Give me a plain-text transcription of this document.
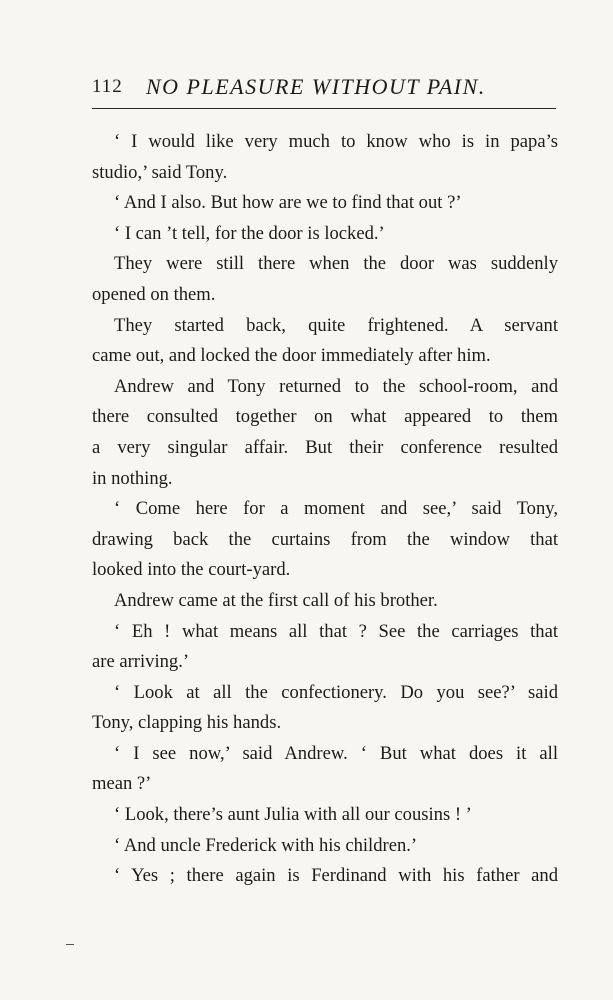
112 NO PLEASURE WITHOUT PAIN.
‘ I would like very much to know who is in papa’s
studio,’ said Tony.
‘ And I also. But how are we to find that out ?’
‘ I can ’t tell, for the door is locked.’
They were still there when the door was suddenly
opened on them.
They started back, quite frightened. A servant
came out, and locked the door immediately after him.
Andrew and Tony returned to the school-room, and
there consulted together on what appeared to them
a very singular affair. But their conference resulted
in nothing.
‘ Come here for a moment and see,’ said Tony,
drawing back the curtains from the window that
looked into the court-yard.
Andrew came at the first call of his brother.
‘ Eh ! what means all that ? See the carriages that
are arriving.’
‘ Look at all the confectionery. Do you see?’ said
Tony, clapping his hands.
‘ I see now,’ said Andrew. ‘ But what does it all
mean ?’
‘ Look, there’s aunt Julia with all our cousins ! ’
‘ And uncle Frederick with his children.’
‘ Yes ; there again is Ferdinand with his father and
